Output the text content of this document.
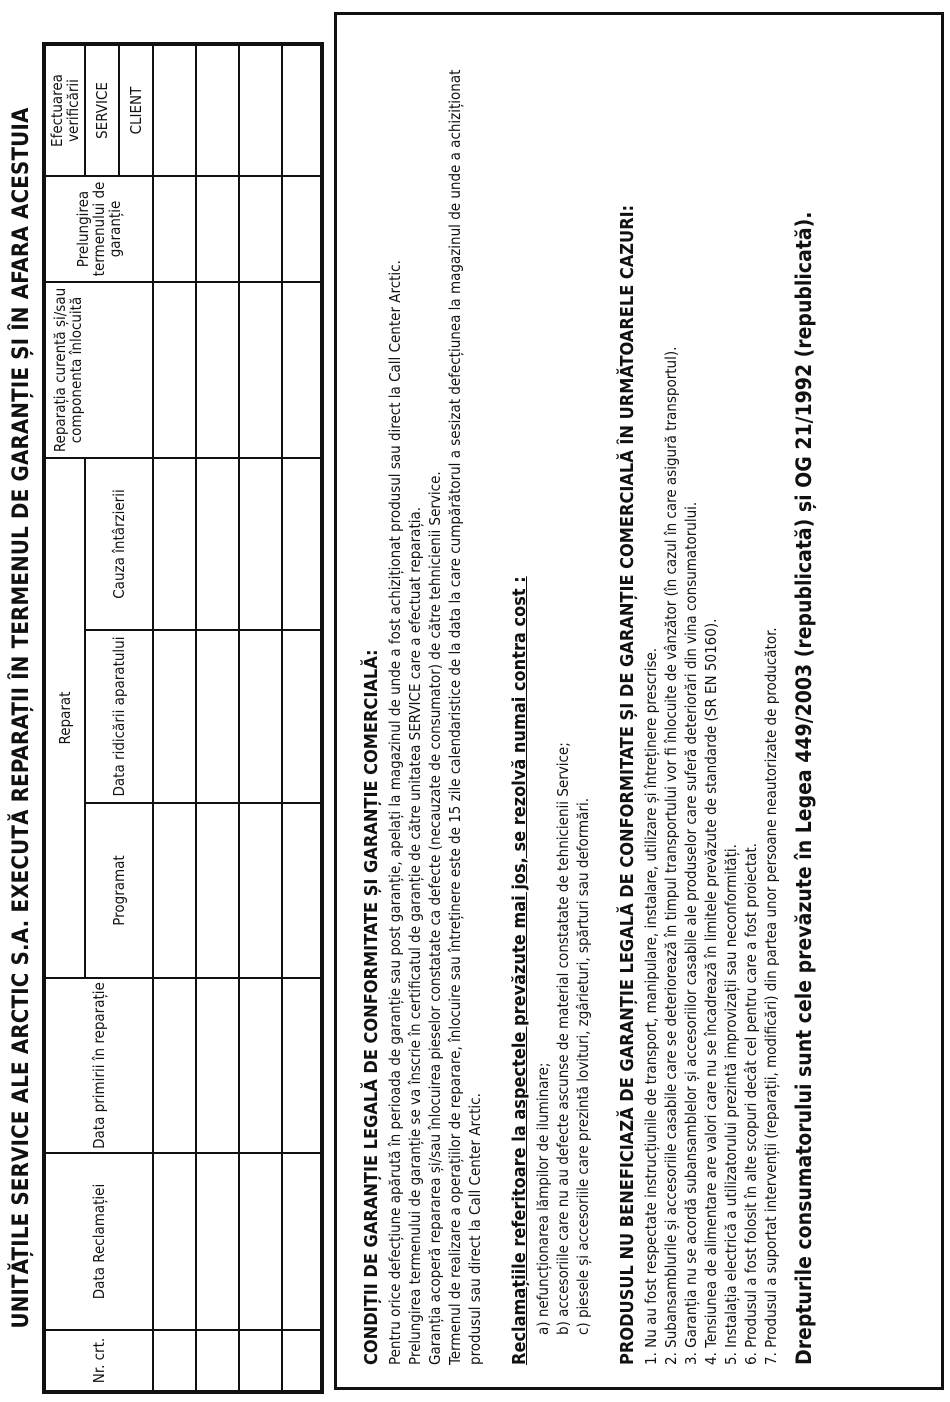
UNITĂȚILE SERVICE ALE ARCTIC S.A. EXECUTĂ REPARAȚII ÎN TERMENUL DE GARANȚIE ȘI ÎN AFARA ACESTUIA
Nr. crt.
Data Reclamației
Data primirii în reparație
Reparat
Programat
Data ridicării aparatului
Cauza întârzierii
Reparația curentă și/sau componenta înlocuită
Prelungirea termenului de garanție
Efectuarea verificării SERVICE	CLIENT
CONDIȚII DE GARANȚIE LEGALĂ DE CONFORMITATE ȘI GARANȚIE COMERCIALĂ: Pentru orice defecțiune apărută în perioada de garanție sau post garanție, apelați la magazinul de unde a fost achiziționat produsul sau direct la Call Center Arctic. Prelungirea termenului de garanție se va înscrie în certificatul de garanție de către unitatea SERVICE care a efectuat reparația. Garanția acoperă repararea și/sau înlocuirea pieselor constatate ca defecte (necauzate de consumator) de către tehnicienii Service. Termenul de realizare a operațiilor de reparare, înlocuire sau întreținere este de 15 zile calendaristice de la data la care cumpărătorul a sesizat defecțiunea la magazinul de unde a achiziționat produsul sau direct la Call Center Arctic. Reclamațiile referitoare la aspectele prevăzute mai jos, se rezolvă numai contra cost : a) nefuncționarea lămpilor de iluminare; b) accesoriile care nu au defecte ascunse de material constatate de tehnicienii Service; c) piesele și accesoriile care prezintă lovituri, zgârieturi, spărturi sau deformări. PRODUSUL NU BENEFICIAZĂ DE GARANȚIE LEGALĂ DE CONFORMITATE ȘI DE GARANȚIE COMERCIALĂ ÎN URMĂTOARELE CAZURI: 1. Nu au fost respectate instrucțiunile de transport, manipulare, instalare, utilizare și întreținere prescrise. 2. Subansamblurile și accesoriile casabile care se deteriorează în timpul transportului vor fi înlocuite de vânzător (în cazul în care asigură transportul). 3. Garanția nu se acordă subansamblelor și accesoriilor casabile ale produselor care suferă deteriorări din vina consumatorului. 4. Tensiunea de alimentare are valori care nu se încadrează în limitele prevăzute de standarde (SR EN 50160). 5. Instalația electrică a utilizatorului prezintă improvizații sau neconformități. 6. Produsul a fost folosit în alte scopuri decât cel pentru care a fost proiectat. 7. Produsul a suportat intervenții (reparații, modificări) din partea unor persoane neautorizate de producător. Drepturile consumatorului sunt cele prevăzute în Legea 449/2003 (republicată) și OG 21/1992 (republicată).
